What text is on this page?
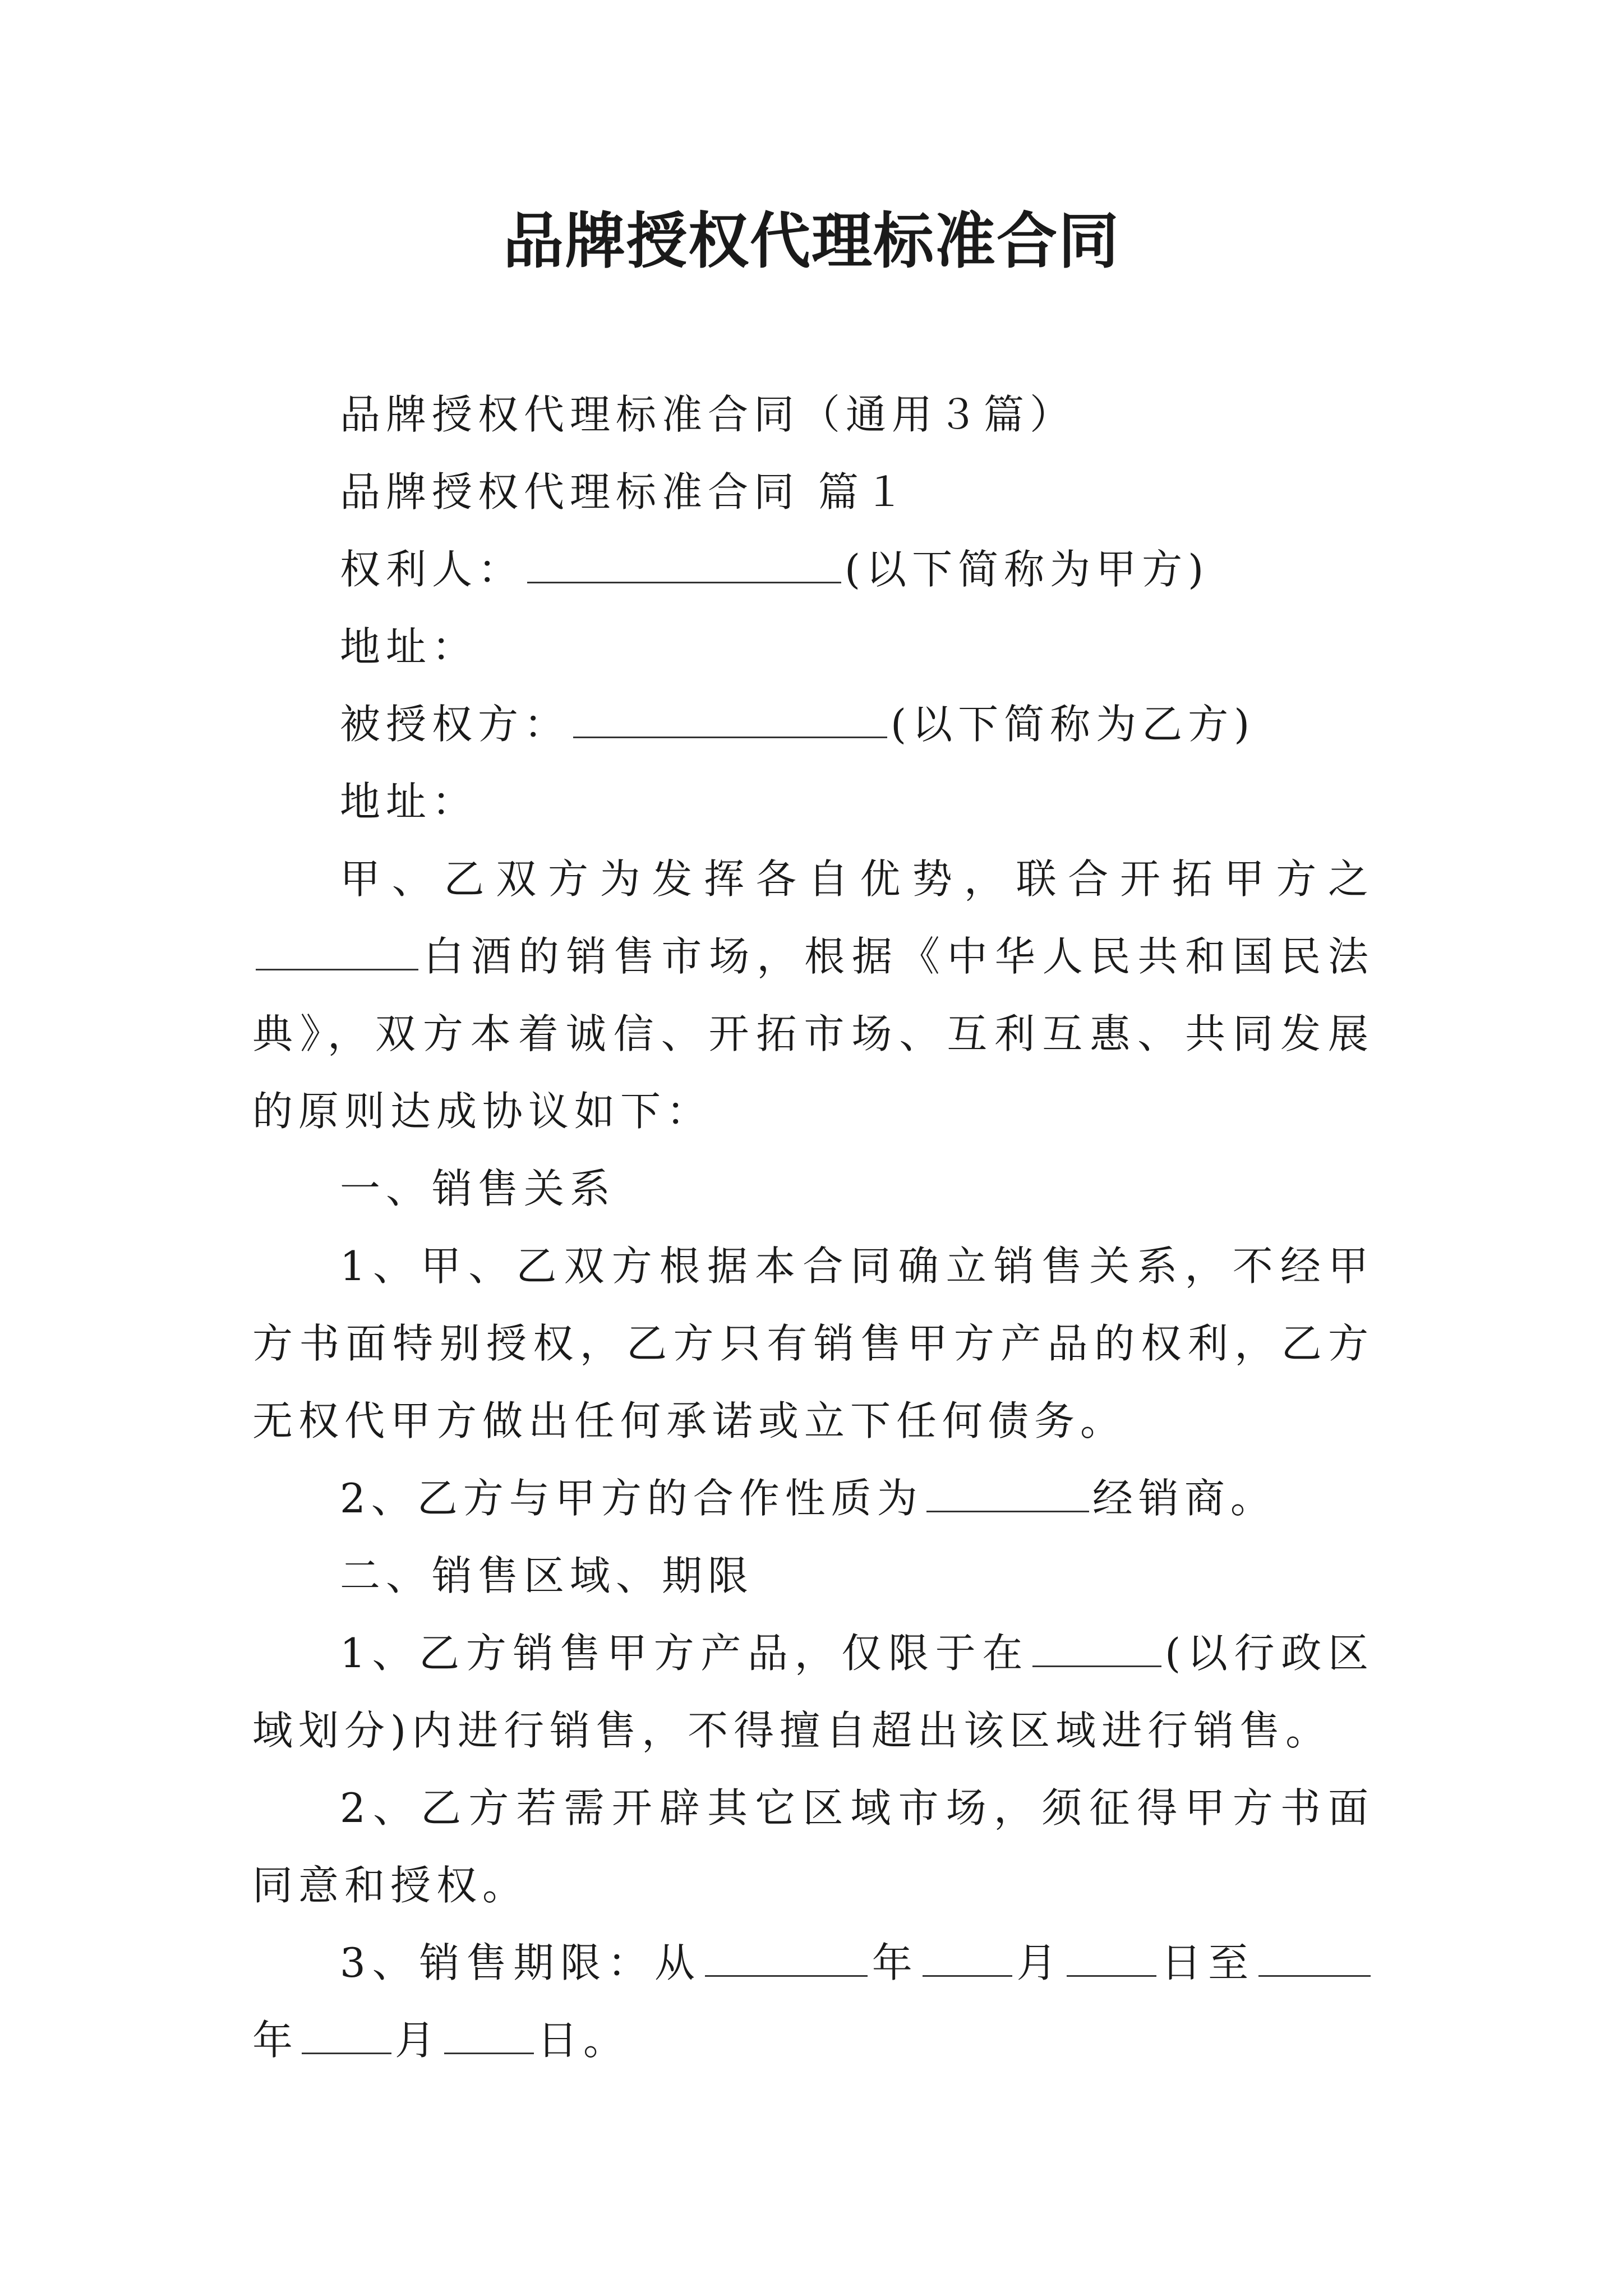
品牌授权代理标准合同

品牌授权代理标准合同（通用３篇）

品牌授权代理标准合同 篇１

权利人：	(以下简称为甲方)

地址：

被授权方：	(以下简称为乙方)

地址：

甲、乙双方为发挥各自优势，联合开拓甲方之白酒的销售市场，根据《中华人民共和国民法典》，双方本着诚信、开拓市场、互利互惠、共同发展的原则达成协议如下：

一、销售关系

1、甲、乙双方根据本合同确立销售关系，不经甲方书面特别授权，乙方只有销售甲方产品的权利，乙方无权代甲方做出任何承诺或立下任何债务。

2、乙方与甲方的合作性质为	经销商。

二、销售区域、期限

1、乙方销售甲方产品，仅限于在	(以行政区域划分)内进行销售，不得擅自超出该区域进行销售。

2、乙方若需开辟其它区域市场，须征得甲方书面同意和授权。

3、销售期限：从	年 月 日至年 月 日。
